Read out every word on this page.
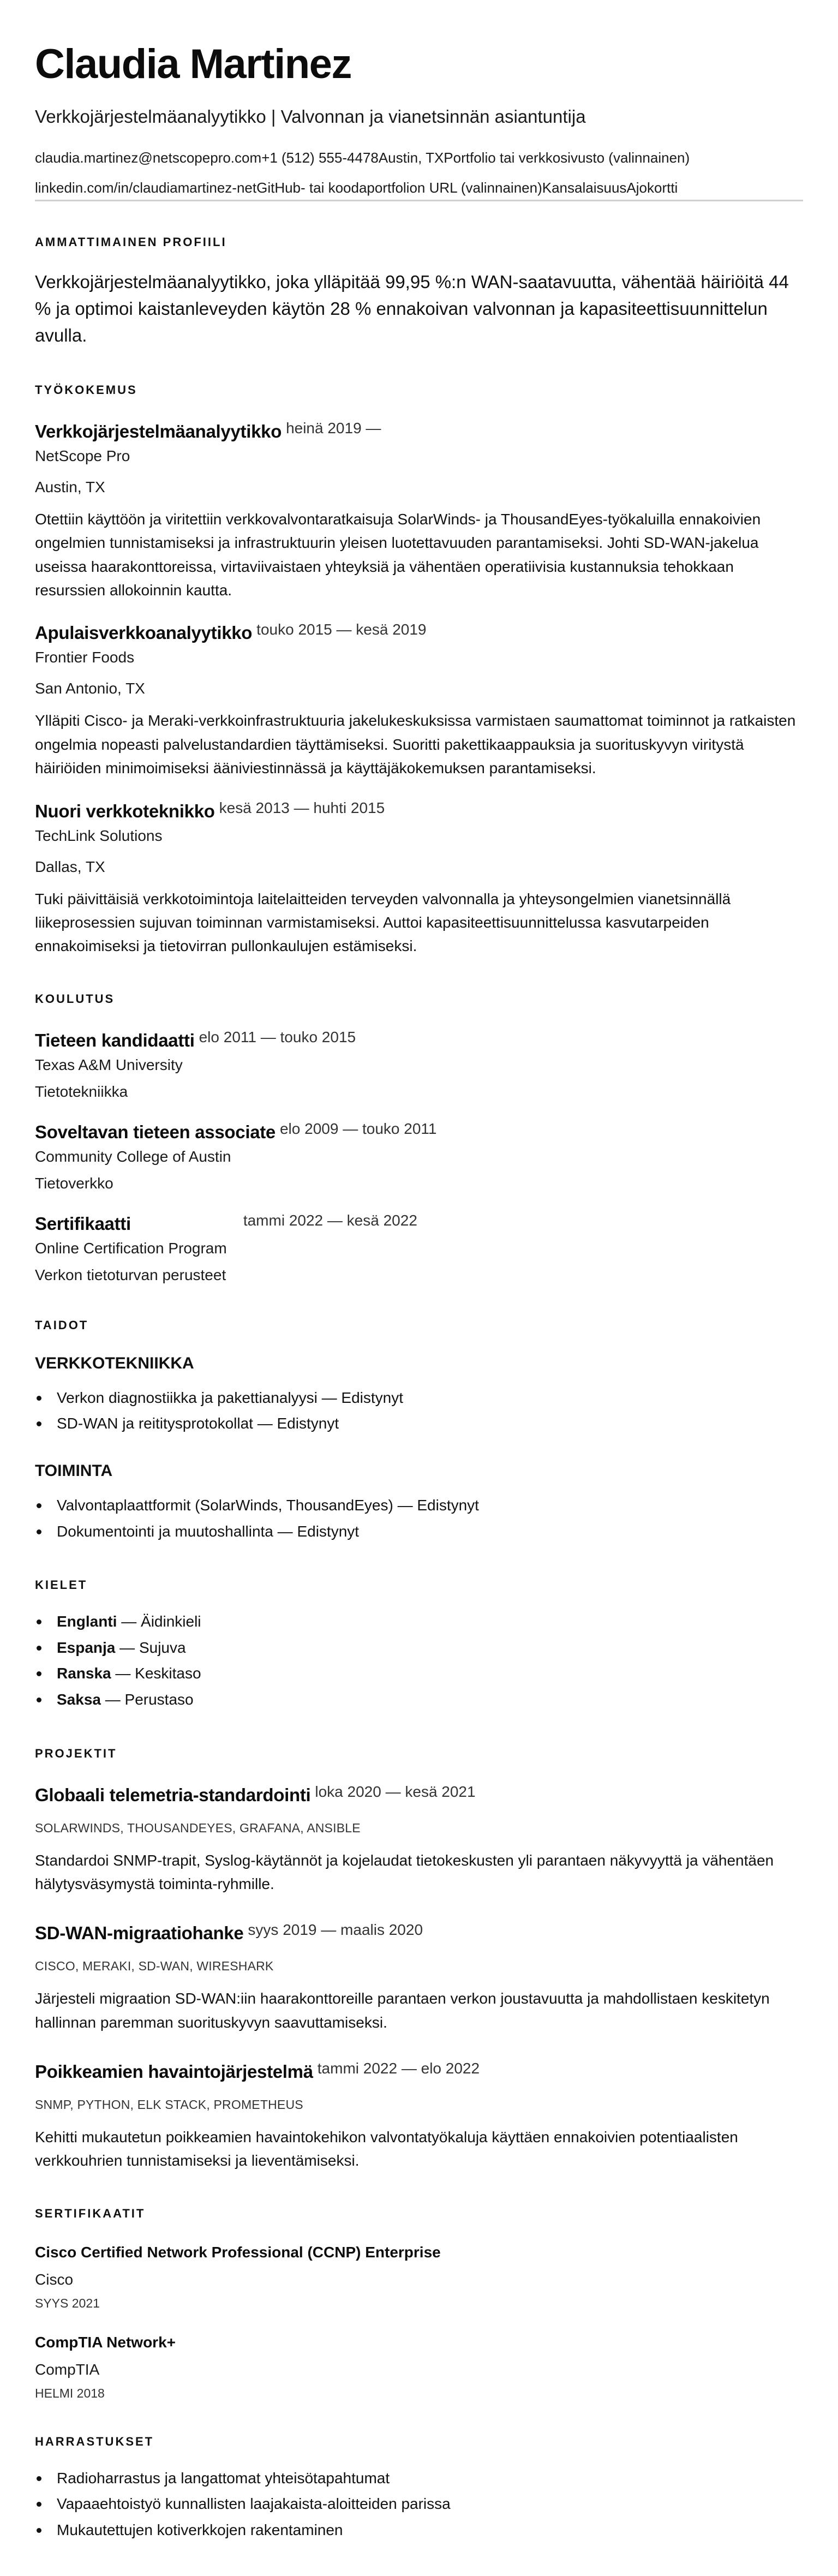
Claudia Martinez
Verkkojärjestelmäanalyytikko | Valvonnan ja vianetsinnän asiantuntija
claudia.martinez@netscopepro.com+1 (512) 555-4478Austin, TXPortfolio tai verkkosivusto (valinnainen)
linkedin.com/in/claudiamartinez-netGitHub- tai koodaportfolion URL (valinnainen)KansalaisuusAjokortti
AMMATTIMAINEN PROFIILI

Verkkojärjestelmäanalyytikko, joka ylläpitää 99,95 %:n WAN-saatavuutta, vähentää häiriöitä 44 % ja optimoi kaistanleveyden käytön 28 % ennakoivan valvonnan ja kapasiteettisuunnittelun avulla.

TYÖKOKEMUS
Verkkojärjestelmäanalyytikko heinä 2019 —
NetScope Pro
Austin, TX

Otettiin käyttöön ja viritettiin verkkovalvontaratkaisuja SolarWinds- ja ThousandEyes-työkaluilla ennakoivien ongelmien tunnistamiseksi ja infrastruktuurin yleisen luotettavuuden parantamiseksi. Johti SD-WAN-jakelua useissa haarakonttoreissa, virtaviivaistaen yhteyksiä ja vähentäen operatiivisia kustannuksia tehokkaan resurssien allokoinnin kautta.

Apulaisverkkoanalyytikko touko 2015 — kesä 2019
Frontier Foods
San Antonio, TX

Ylläpiti Cisco- ja Meraki-verkkoinfrastruktuuria jakelukeskuksissa varmistaen saumattomat toiminnot ja ratkaisten ongelmia nopeasti palvelustandardien täyttämiseksi. Suoritti pakettikaappauksia ja suorituskyvyn viritystä häiriöiden minimoimiseksi ääniviestinnässä ja käyttäjäkokemuksen parantamiseksi.

Nuori verkkoteknikko kesä 2013 — huhti 2015
TechLink Solutions
Dallas, TX

Tuki päivittäisiä verkkotoimintoja laitelaitteiden terveyden valvonnalla ja yhteysongelmien vianetsinnällä liikeprosessien sujuvan toiminnan varmistamiseksi. Auttoi kapasiteettisuunnittelussa kasvutarpeiden ennakoimiseksi ja tietovirran pullonkaulujen estämiseksi.

KOULUTUS
Tieteen kandidaatti elo 2011 — touko 2015
Texas A&M University
Tietotekniikka
Soveltavan tieteen associate elo 2009 — touko 2011
Community College of Austin
Tietoverkko
Sertifikaatti	tammi 2022 — kesä 2022
Online Certification Program
Verkon tietoturvan perusteet
TAIDOT
VERKKOTEKNIIKKA
Verkon diagnostiikka ja pakettianalyysi — Edistynyt
SD-WAN ja reititysprotokollat — Edistynyt
TOIMINTA
Valvontaplaattformit (SolarWinds, ThousandEyes) — Edistynyt
Dokumentointi ja muutoshallinta — Edistynyt
KIELET
Englanti — Äidinkieli
Espanja — Sujuva
Ranska — Keskitaso
Saksa — Perustaso
PROJEKTIT
Globaali telemetria-standardointi loka 2020 — kesä 2021
SOLARWINDS, THOUSANDEYES, GRAFANA, ANSIBLE

Standardoi SNMP-trapit, Syslog-käytännöt ja kojelaudat tietokeskusten yli parantaen näkyvyyttä ja vähentäen hälytysväsymystä toiminta-ryhmille.

SD-WAN-migraatiohanke syys 2019 — maalis 2020
CISCO, MERAKI, SD-WAN, WIRESHARK

Järjesteli migraation SD-WAN:iin haarakonttoreille parantaen verkon joustavuutta ja mahdollistaen keskitetyn hallinnan paremman suorituskyvyn saavuttamiseksi.

Poikkeamien havaintojärjestelmä tammi 2022 — elo 2022
SNMP, PYTHON, ELK STACK, PROMETHEUS

Kehitti mukautetun poikkeamien havaintokehikon valvontatyökaluja käyttäen ennakoivien potentiaalisten verkkouhrien tunnistamiseksi ja lieventämiseksi.

SERTIFIKAATIT
Cisco Certified Network Professional (CCNP) Enterprise
Cisco
SYYS 2021
CompTIA Network+
CompTIA
HELMI 2018
HARRASTUKSET
Radioharrastus ja langattomat yhteisötapahtumat
Vapaaehtoistyö kunnallisten laajakaista-aloitteiden parissa
Mukautettujen kotiverkkojen rakentaminen
